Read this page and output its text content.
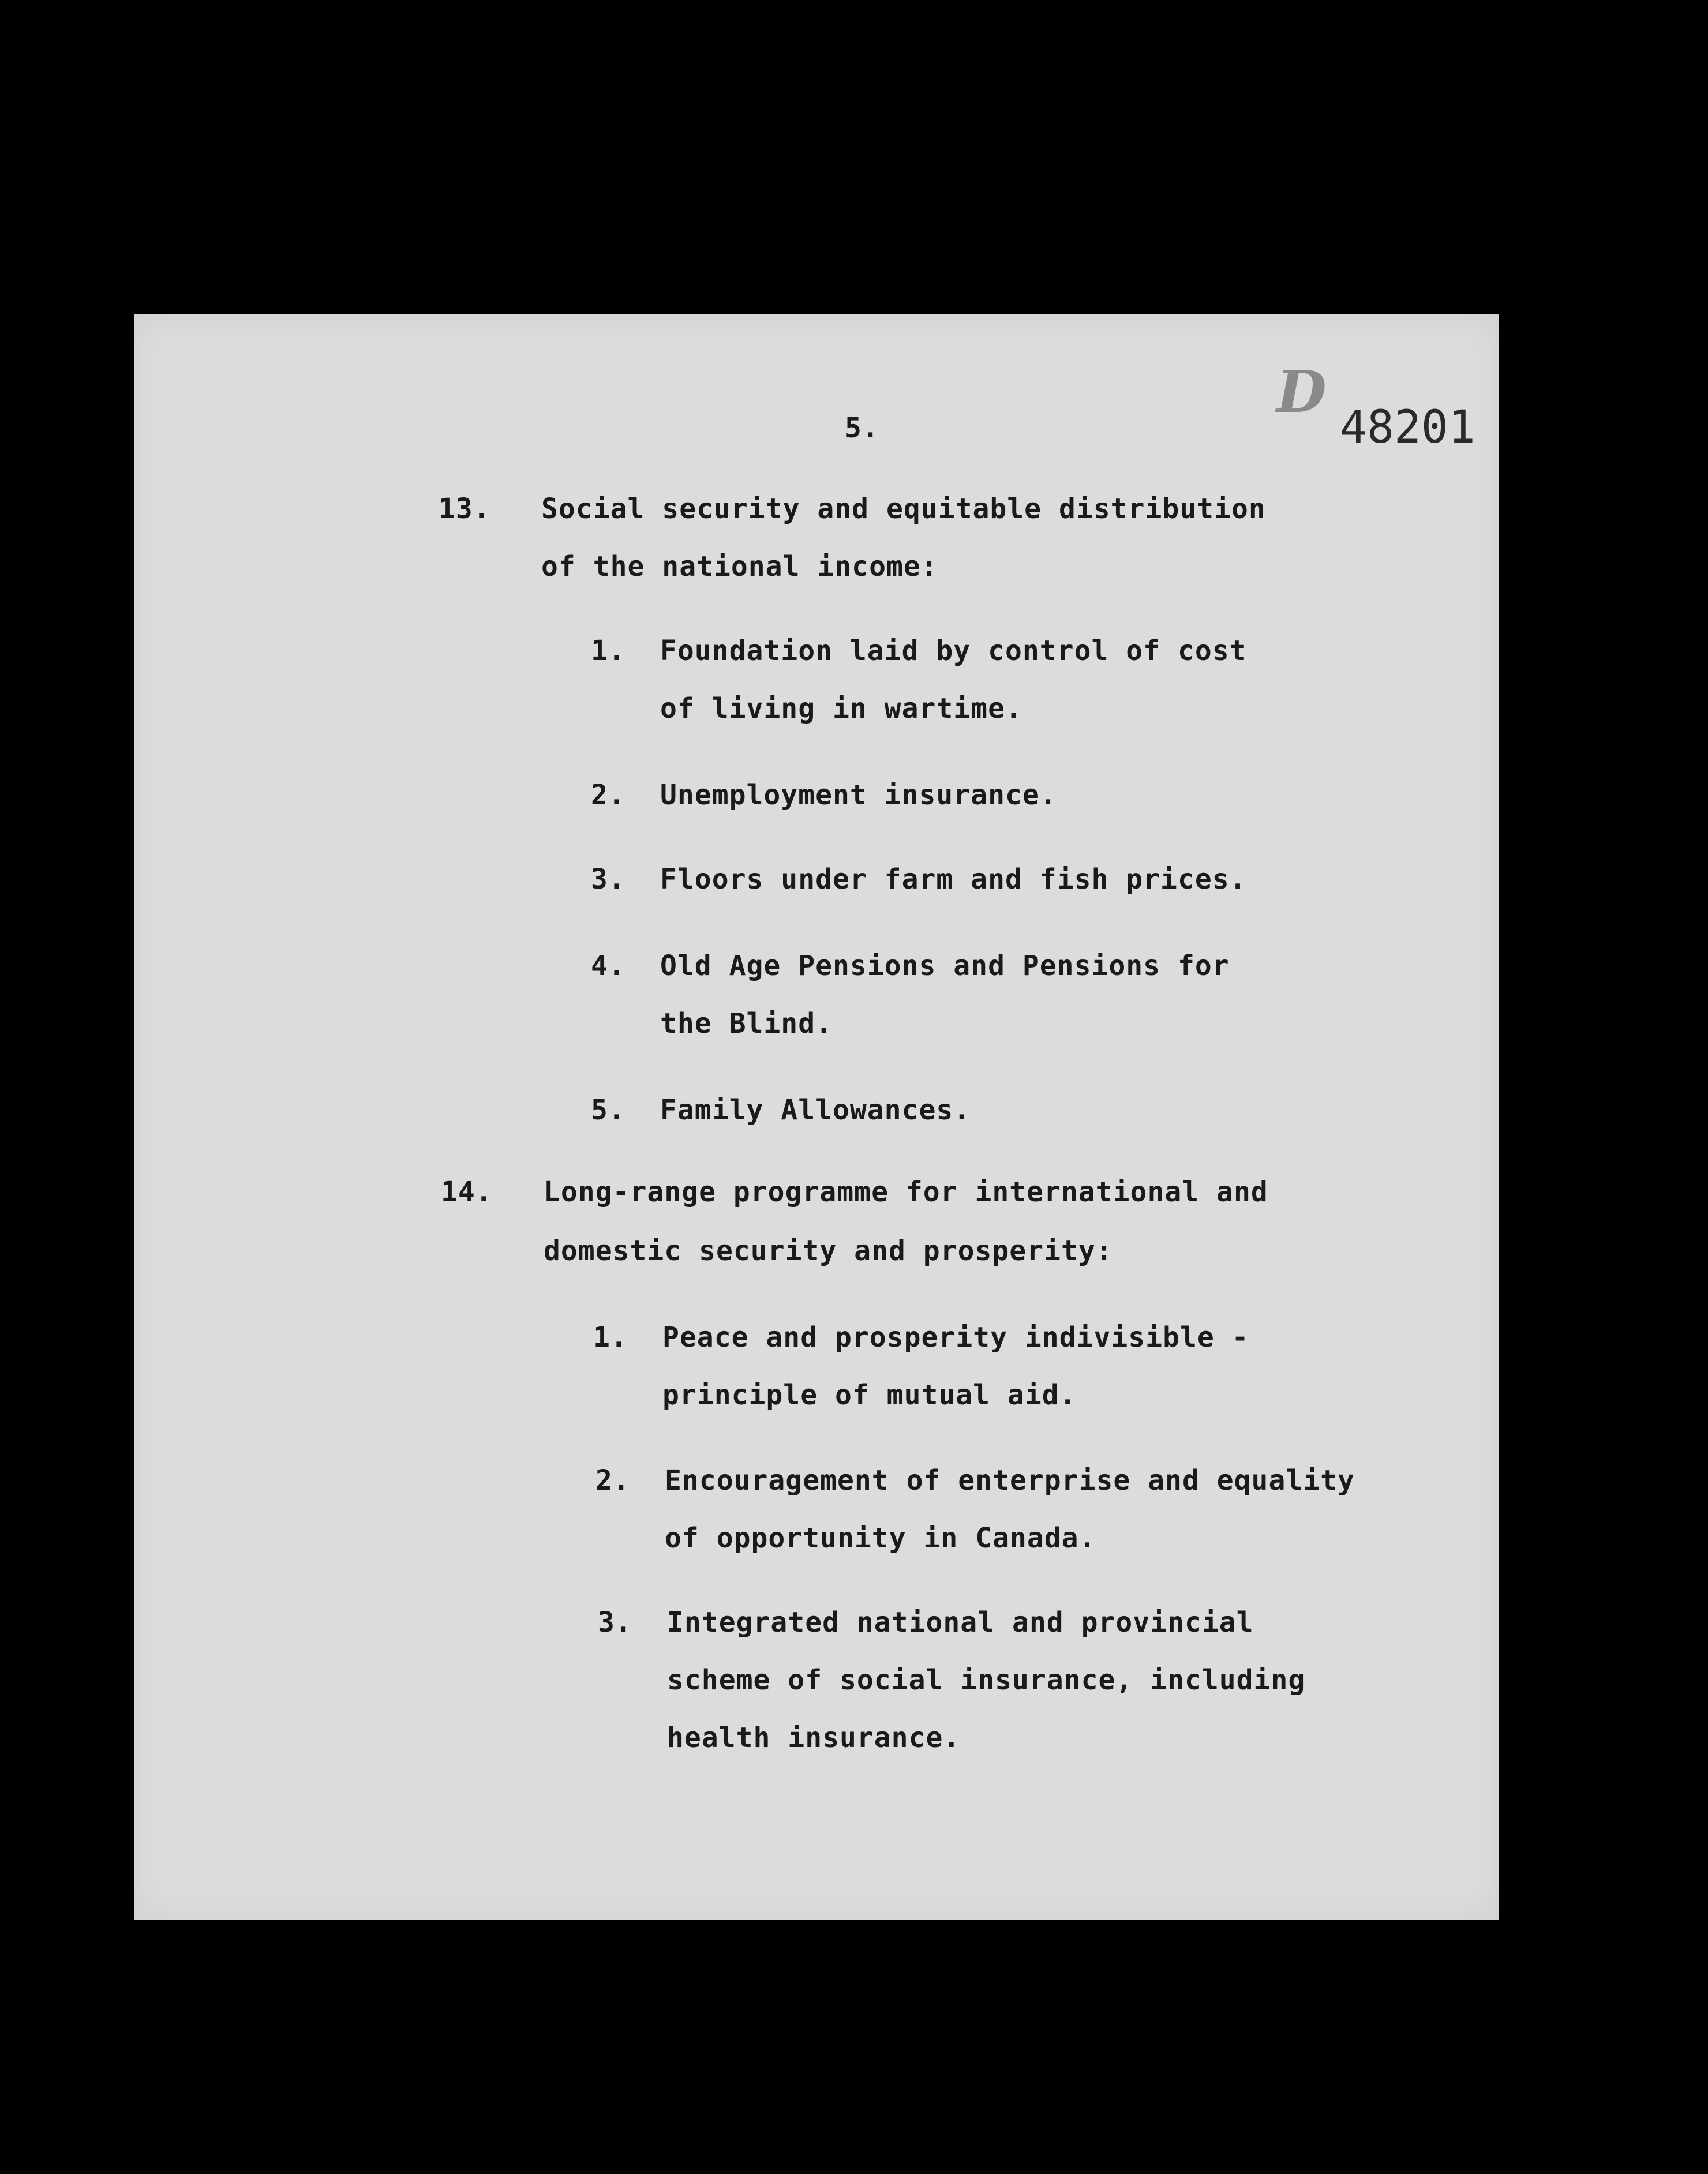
D
48201
5.
13. Social security and equitable distribution
of the national income:
1. Foundation laid by control of cost
of living in wartime.
2. Unemployment insurance.
3. Floors under farm and fish prices.
4. Old Age Pensions and Pensions for
the Blind.
5. Family Allowances.
14. Long-range programme for international and
domestic security and prosperity:
1. Peace and prosperity indivisible -
principle of mutual aid.
2. Encouragement of enterprise and equality
of opportunity in Canada.
3. Integrated national and provincial
scheme of social insurance, including
health insurance.
